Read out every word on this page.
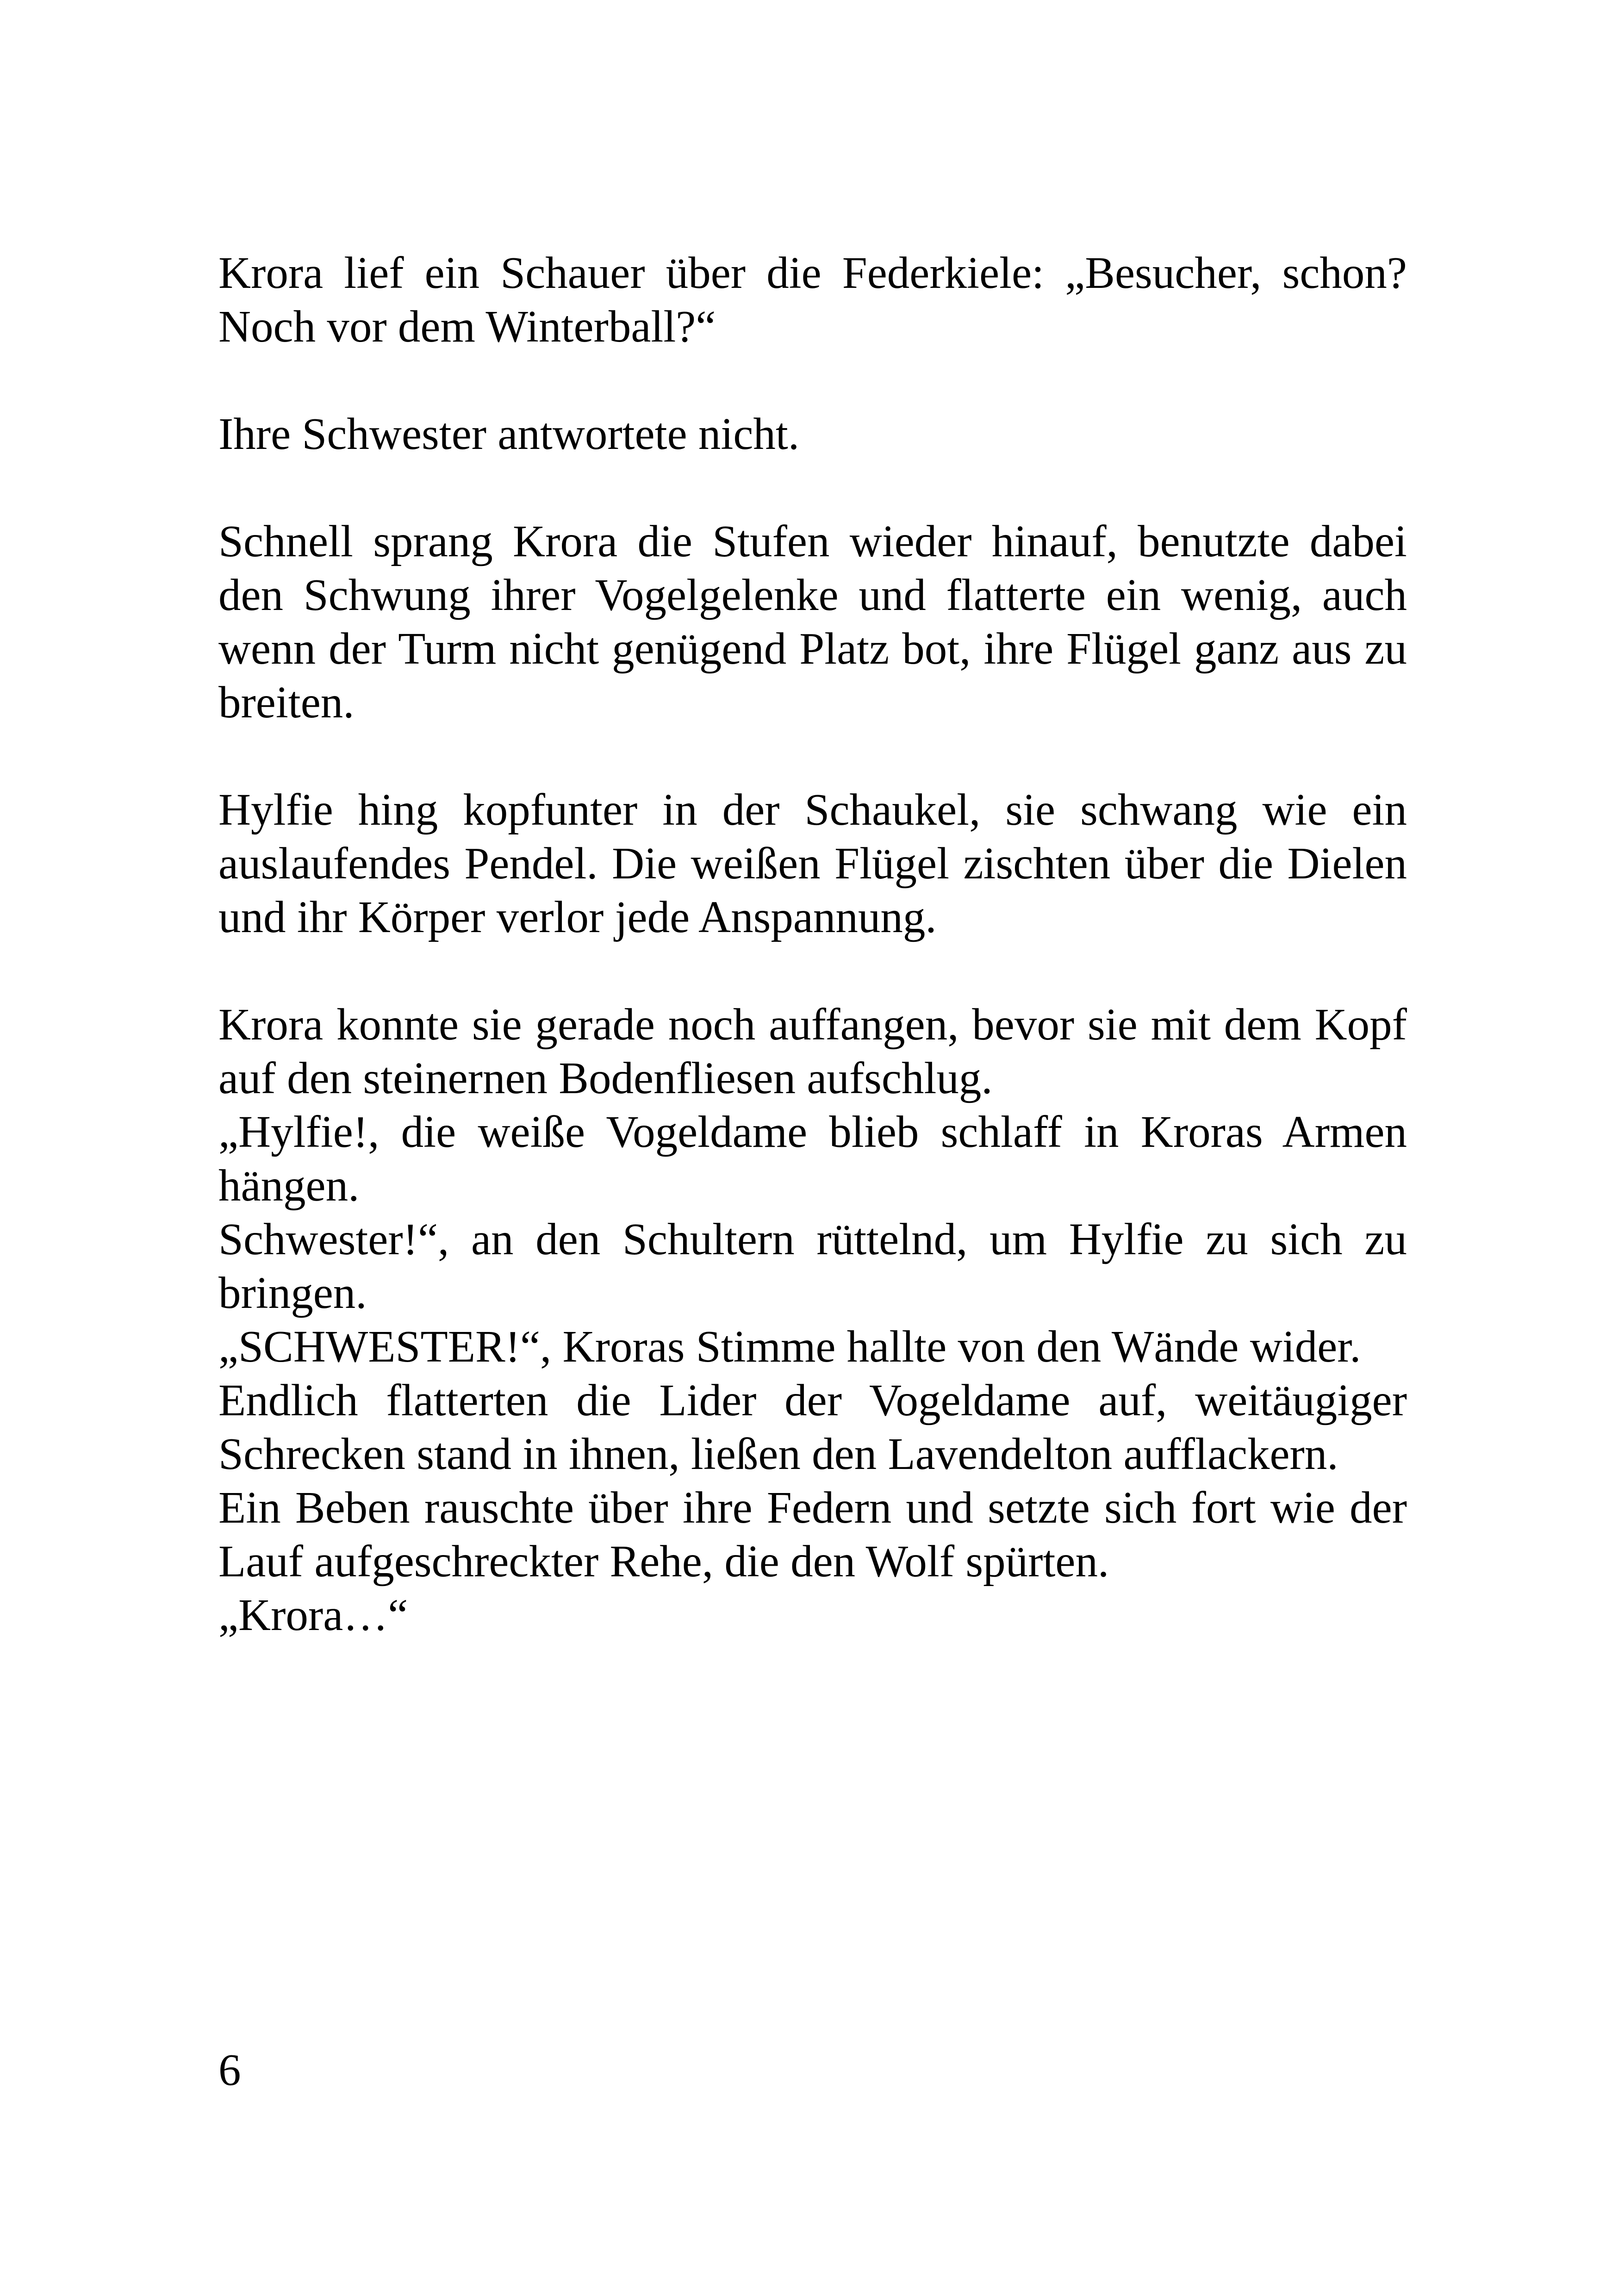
Krora lief ein Schauer über die Federkiele: „Besucher, schon? Noch vor dem Winterball?“

Ihre Schwester antwortete nicht.

Schnell sprang Krora die Stufen wieder hinauf, benutzte dabei den Schwung ihrer Vogelgelenke und flatterte ein wenig, auch wenn der Turm nicht genügend Platz bot, ihre Flügel ganz aus zu breiten.

Hylfie hing kopfunter in der Schaukel, sie schwang wie ein auslaufendes Pendel. Die weißen Flügel zischten über die Dielen und ihr Körper verlor jede Anspannung.

Krora konnte sie gerade noch auffangen, bevor sie mit dem Kopf auf den steinernen Bodenfliesen aufschlug.

„Hylfie!, die weiße Vogeldame blieb schlaff in Kroras Armen hängen.

Schwester!“, an den Schultern rüttelnd, um Hylfie zu sich zu bringen.

„SCHWESTER!“, Kroras Stimme hallte von den Wände wider.

Endlich flatterten die Lider der Vogeldame auf, weitäugiger Schrecken stand in ihnen, ließen den Lavendelton aufflackern.

Ein Beben rauschte über ihre Federn und setzte sich fort wie der Lauf aufgeschreckter Rehe, die den Wolf spürten.

„Krora…“

6
